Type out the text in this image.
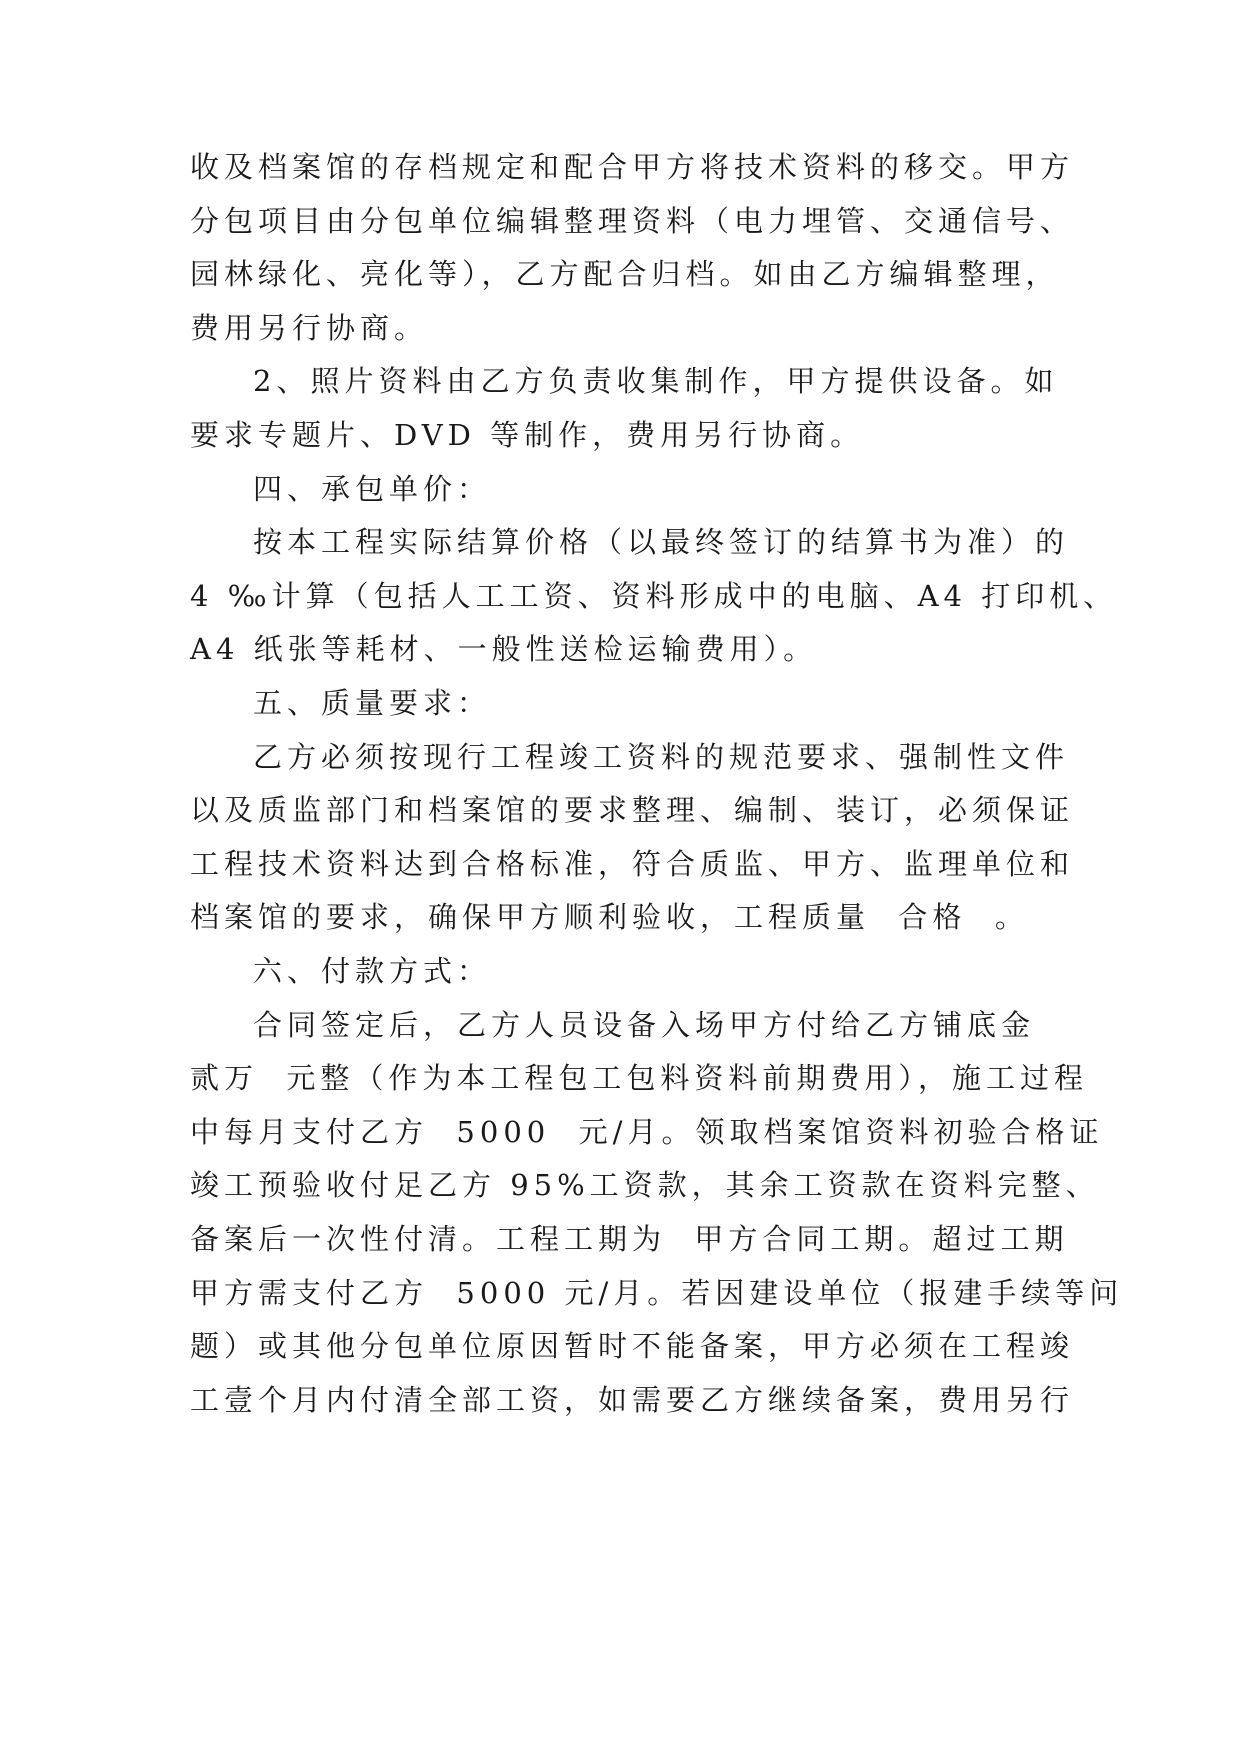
收及档案馆的存档规定和配合甲方将技术资料的移交。甲方
分包项目由分包单位编辑整理资料（电力埋管、交通信号、
园林绿化、亮化等），乙方配合归档。如由乙方编辑整理，
费用另行协商。
2、照片资料由乙方负责收集制作，甲方提供设备。如
要求专题片、DVD 等制作，费用另行协商。
四、承包单价：
按本工程实际结算价格（以最终签订的结算书为准）的
4 ‰计算（包括人工工资、资料形成中的电脑、A4 打印机、
A4 纸张等耗材、一般性送检运输费用）。
五、质量要求：
乙方必须按现行工程竣工资料的规范要求、强制性文件
以及质监部门和档案馆的要求整理、编制、装订，必须保证
工程技术资料达到合格标准，符合质监、甲方、监理单位和
档案馆的要求，确保甲方顺利验收，工程质量  合格  。
六、付款方式：
合同签定后，乙方人员设备入场甲方付给乙方铺底金
贰万  元整（作为本工程包工包料资料前期费用），施工过程
中每月支付乙方  5000  元/月。领取档案馆资料初验合格证
竣工预验收付足乙方 95%工资款，其余工资款在资料完整、
备案后一次性付清。工程工期为  甲方合同工期。超过工期
甲方需支付乙方  5000 元/月。若因建设单位（报建手续等问
题）或其他分包单位原因暂时不能备案，甲方必须在工程竣
工壹个月内付清全部工资，如需要乙方继续备案，费用另行
